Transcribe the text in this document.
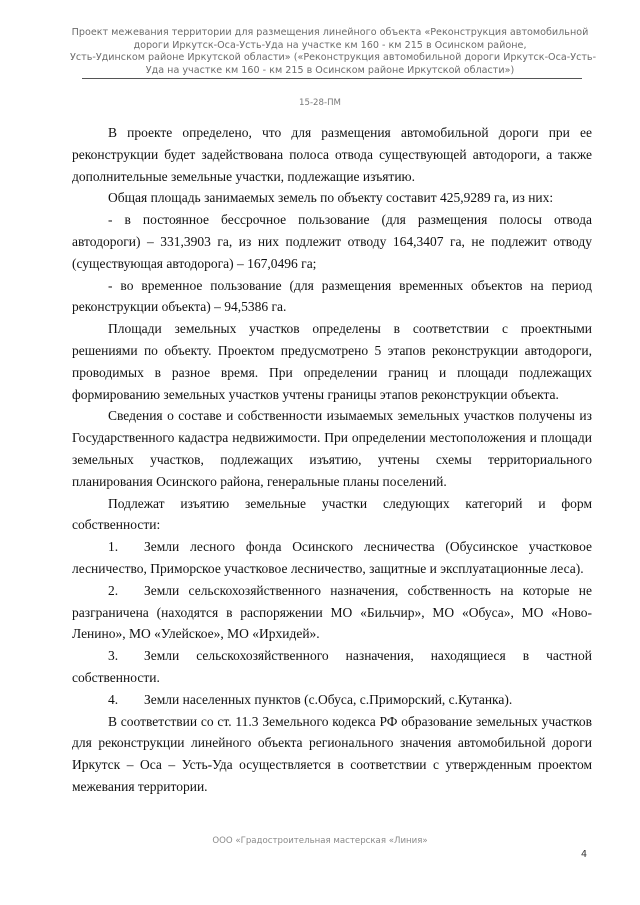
Проект межевания территории для размещения линейного объекта «Реконструкция автомобильной
дороги Иркутск-Оса-Усть-Уда на участке км 160 - км 215 в Осинском районе,
Усть-Удинском районе Иркутской области» («Реконструкция автомобильной дороги Иркутск-Оса-Усть-
Уда на участке км 160 - км 215 в Осинском районе Иркутской области»)
15-28-ПМ

В проекте определено, что для размещения автомобильной дороги при ее реконструкции будет задействована полоса отвода существующей автодороги, а также дополнительные земельные участки, подлежащие изъятию.

Общая площадь занимаемых земель по объекту составит 425,9289 га, из них:

- в постоянное бессрочное пользование (для размещения полосы отвода автодороги) – 331,3903 га, из них подлежит отводу 164,3407 га, не подлежит отводу (существующая автодорога) – 167,0496 га;

- во временное пользование (для размещения временных объектов на период реконструкции объекта) – 94,5386 га.

Площади земельных участков определены в соответствии с проектными решениями по объекту. Проектом предусмотрено 5 этапов реконструкции автодороги, проводимых в разное время. При определении границ и площади подлежащих формированию земельных участков учтены границы этапов реконструкции объекта.

Сведения о составе и собственности изымаемых земельных участков получены из Государственного кадастра недвижимости. При определении местоположения и площади земельных участков, подлежащих изъятию, учтены схемы территориального планирования Осинского района, генеральные планы поселений.

Подлежат изъятию земельные участки следующих категорий и форм собственности:

1. Земли лесного фонда Осинского лесничества (Обусинское участковое лесничество, Приморское участковое лесничество, защитные и эксплуатационные леса).

2. Земли сельскохозяйственного назначения, собственность на которые не разграничена (находятся в распоряжении МО «Бильчир», МО «Обуса», МО «Ново-Ленино», МО «Улейское», МО «Ирхидей».

3. Земли сельскохозяйственного назначения, находящиеся в частной собственности.

4. Земли населенных пунктов (с.Обуса, с.Приморский, с.Кутанка).

В соответствии со ст. 11.3 Земельного кодекса РФ образование земельных участков для реконструкции линейного объекта регионального значения автомобильной дороги Иркутск – Оса – Усть-Уда осуществляется в соответствии с утвержденным проектом межевания территории.

ООО «Градостроительная мастерская «Линия»
4
